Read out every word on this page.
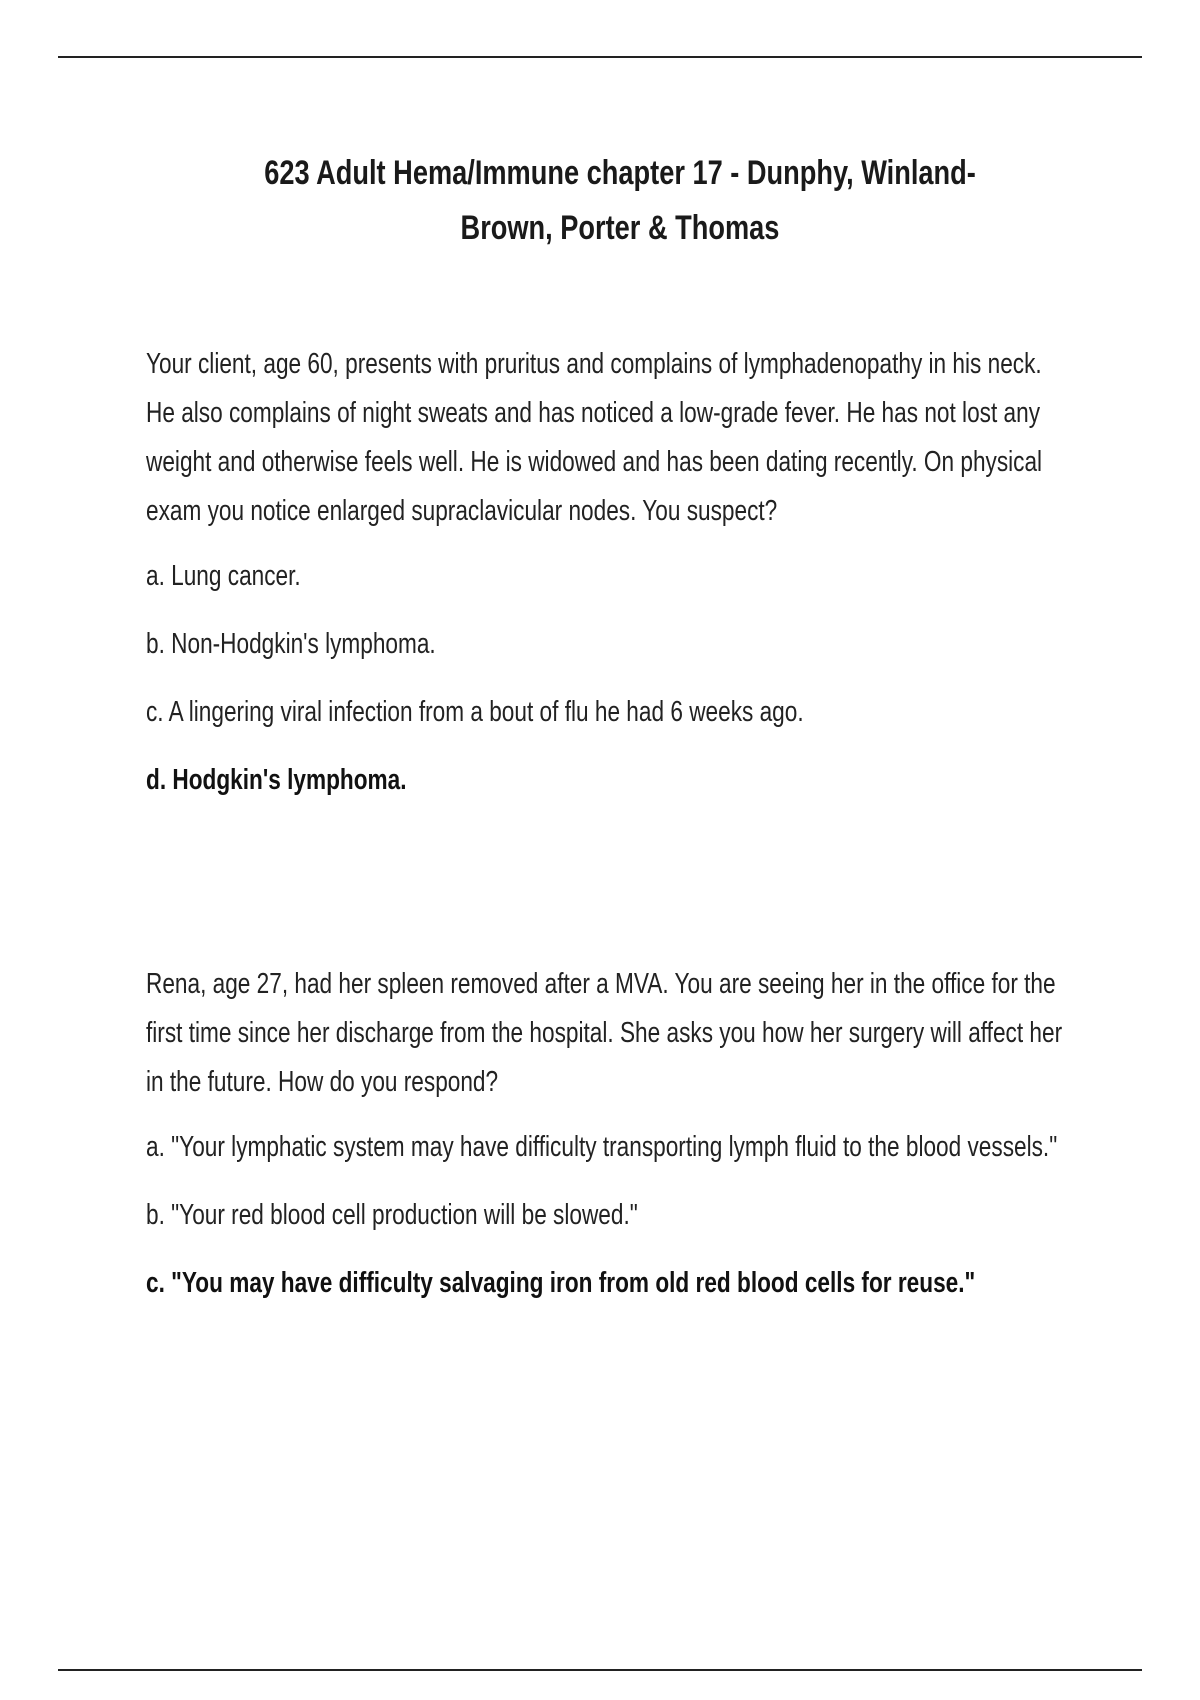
623 Adult Hema/Immune chapter 17 - Dunphy, Winland-Brown, Porter & Thomas

Your client, age 60, presents with pruritus and complains of lymphadenopathy in his neck. He also complains of night sweats and has noticed a low-grade fever. He has not lost any weight and otherwise feels well. He is widowed and has been dating recently. On physical exam you notice enlarged supraclavicular nodes. You suspect?

a. Lung cancer.

b. Non-Hodgkin's lymphoma.

c. A lingering viral infection from a bout of flu he had 6 weeks ago.

d. Hodgkin's lymphoma.

Rena, age 27, had her spleen removed after a MVA. You are seeing her in the office for the first time since her discharge from the hospital. She asks you how her surgery will affect her in the future. How do you respond?

a. "Your lymphatic system may have difficulty transporting lymph fluid to the blood vessels."

b. "Your red blood cell production will be slowed."

c. "You may have difficulty salvaging iron from old red blood cells for reuse."
